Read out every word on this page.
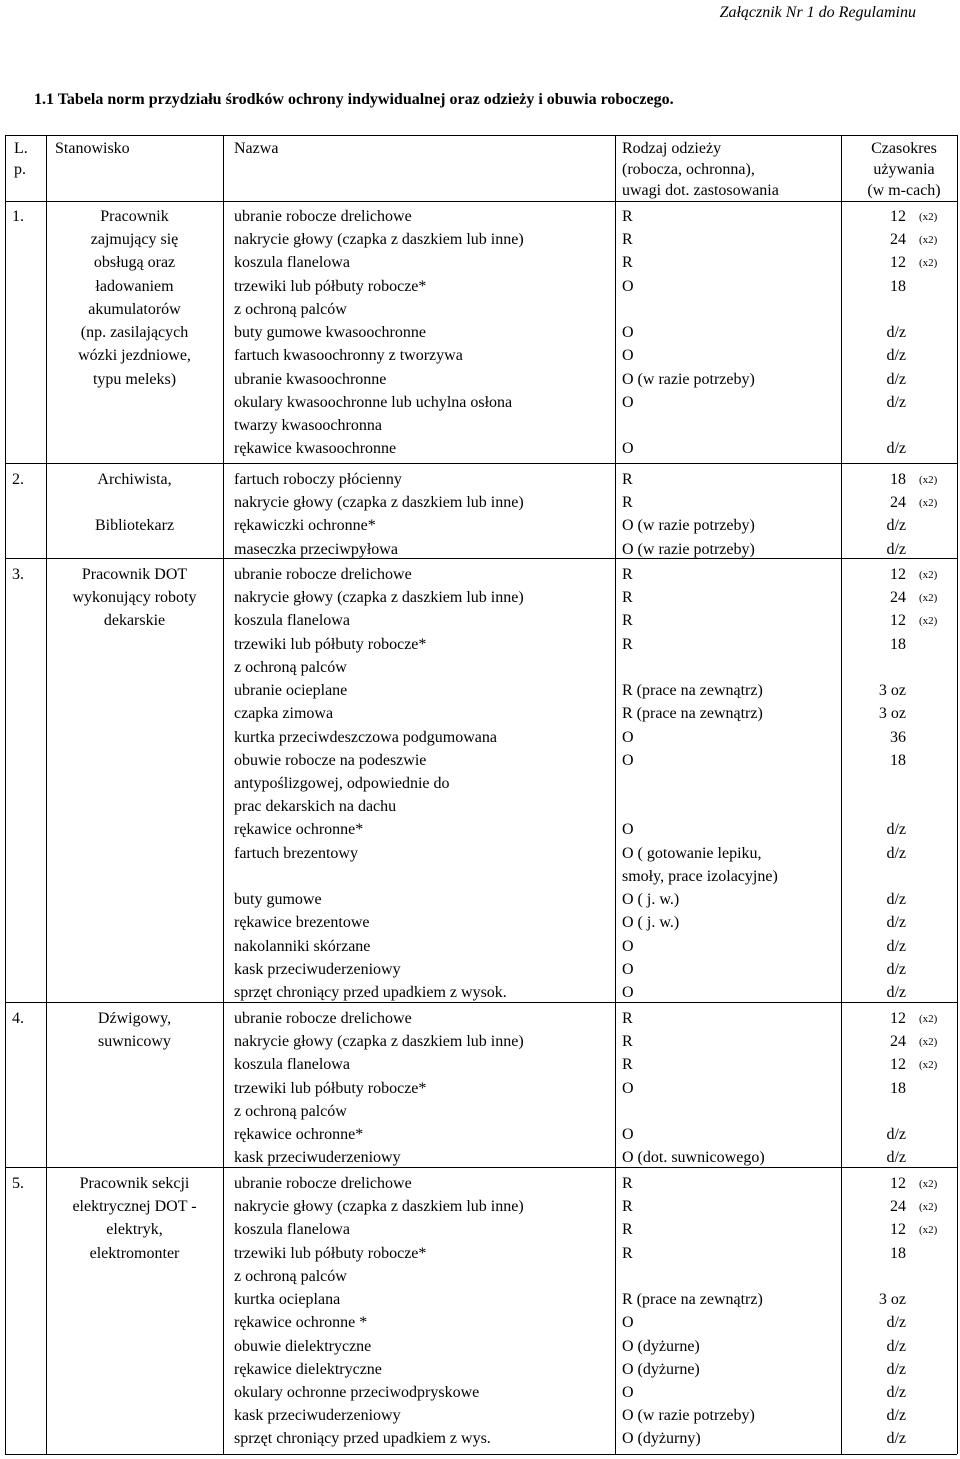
Załącznik Nr 1 do Regulaminu
1.1 Tabela norm przydziału środków ochrony indywidualnej oraz odzieży i obuwia roboczego.
L.
p.
Stanowisko	Nazwa	Rodzaj odzieży
(robocza, ochronna),
uwagi dot. zastosowania
Czasokres
używania
(w m-cach)
1.	Pracownik
zajmujący się
obsługą oraz
ładowaniem
akumulatorów
(np. zasilających
wózki jezdniowe,
typu meleks)
ubranie robocze drelichowe	R	12 (x2)
nakrycie głowy (czapka z daszkiem lub inne)	R	24 (x2)
koszula flanelowa	R	12 (x2)
trzewiki lub półbuty robocze*
z ochroną palców
O	18
buty gumowe kwasoochronne	O	d/z
fartuch kwasoochronny z tworzywa	O	d/z
ubranie kwasoochronne	O (w razie potrzeby)	d/z
okulary kwasoochronne lub uchylna osłona
twarzy kwasoochronna
O	d/z
rękawice kwasoochronne	O	d/z
2.	Archiwista,
Bibliotekarz
fartuch roboczy płócienny	R	18 (x2)
nakrycie głowy (czapka z daszkiem lub inne)	R	24 (x2)
rękawiczki ochronne*	O (w razie potrzeby)	d/z
maseczka przeciwpyłowa	O (w razie potrzeby)	d/z
3.	Pracownik DOT
wykonujący roboty
dekarskie
ubranie robocze drelichowe	R	12 (x2)
nakrycie głowy (czapka z daszkiem lub inne)	R	24 (x2)
koszula flanelowa	R	12 (x2)
trzewiki lub półbuty robocze*
z ochroną palców
R	18
ubranie ocieplane	R (prace na zewnątrz)	3 oz
czapka zimowa	R (prace na zewnątrz)	3 oz
kurtka przeciwdeszczowa podgumowana	O	36
obuwie robocze na podeszwie
antypoślizgowej, odpowiednie do
prac dekarskich na dachu
O	18
rękawice ochronne*	O	d/z
fartuch brezentowy	O ( gotowanie lepiku,
smoły, prace izolacyjne)
d/z
buty gumowe	O ( j. w.)	d/z
rękawice brezentowe	O ( j. w.)	d/z
nakolanniki skórzane	O	d/z
kask przeciwuderzeniowy	O	d/z
sprzęt chroniący przed upadkiem z wysok.	O	d/z
4.	Dźwigowy,
suwnicowy
ubranie robocze drelichowe	R	12 (x2)
nakrycie głowy (czapka z daszkiem lub inne)	R	24 (x2)
koszula flanelowa	R	12 (x2)
trzewiki lub półbuty robocze*
z ochroną palców
O	18
rękawice ochronne*	O	d/z
kask przeciwuderzeniowy	O (dot. suwnicowego)	d/z
5.	Pracownik sekcji
elektrycznej DOT -
elektryk,
elektromonter
ubranie robocze drelichowe	R	12 (x2)
nakrycie głowy (czapka z daszkiem lub inne)	R	24 (x2)
koszula flanelowa	R	12 (x2)
trzewiki lub półbuty robocze*
z ochroną palców
R	18
kurtka ocieplana	R (prace na zewnątrz)	3 oz
rękawice ochronne *	O	d/z
obuwie dielektryczne	O (dyżurne)	d/z
rękawice dielektryczne	O (dyżurne)	d/z
okulary ochronne przeciwodpryskowe	O	d/z
kask przeciwuderzeniowy	O (w razie potrzeby)	d/z
sprzęt chroniący przed upadkiem z wys.	O (dyżurny)	d/z
